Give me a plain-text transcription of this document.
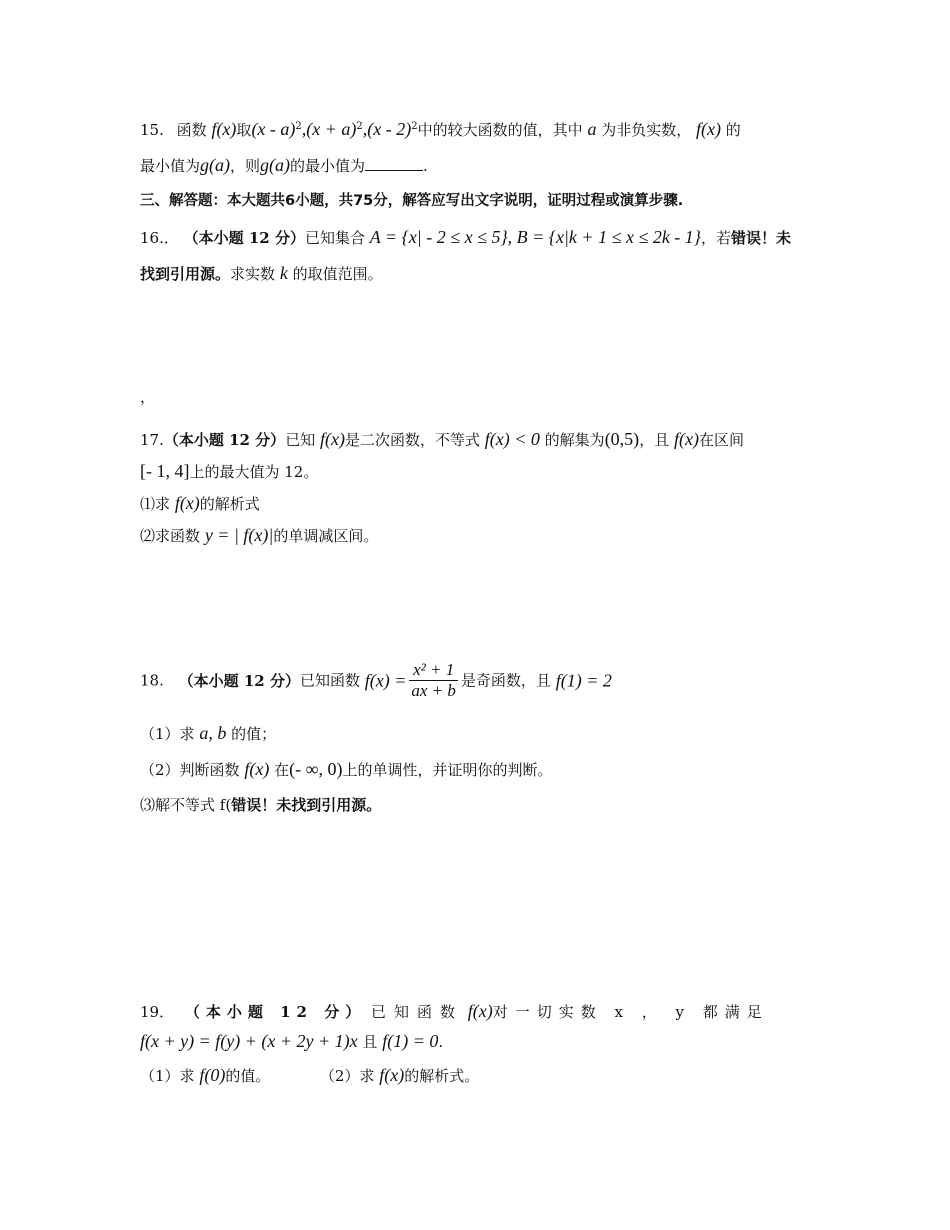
15. 函数 f(x)取$(x - a)^2,(x + a)^2,(x - 2)^2$中的较大函数的值，其中 a 为非负实数， f(x) 的
最小值为g(a)，则g(a)的最小值为	.
三、解答题：本大题共6小题，共75分，解答应写出文字说明，证明过程或演算步骤.
16.． （本小题 12 分）已知集合 A = {x| - 2 ≤ x ≤ 5}, B = {x|k + 1 ≤ x ≤ 2k - 1}，若错误！未
找到引用源。求实数 k 的取值范围。
，
17.（本小题 12 分）已知 f(x)是二次函数，不等式 f(x) < 0 的解集为(0,5)，且 f(x)在区间
[- 1, 4]上的最大值为 12。
⑴求 f(x)的解析式
⑵求函数 y = | f(x)|的单调减区间。
18. （本小题 12 分）已知函数 $f(x) = \frac{\text{x² + 1}}{ax + b}$ 是奇函数，且 f(1) = 2
（1）求 a, b 的值；
（2）判断函数 f(x) 在(- ∞, 0)上的单调性，并证明你的判断。
⑶解不等式 f(错误！未找到引用源。
19． （本小题 12 分） 已知函数 f(x)对一切实数 x ， y 都满足
f(x + y) = f(y) + (x + 2y + 1)x 且 f(1) = 0.
（1）求 f(0)的值。	（2）求 f(x)的解析式。
